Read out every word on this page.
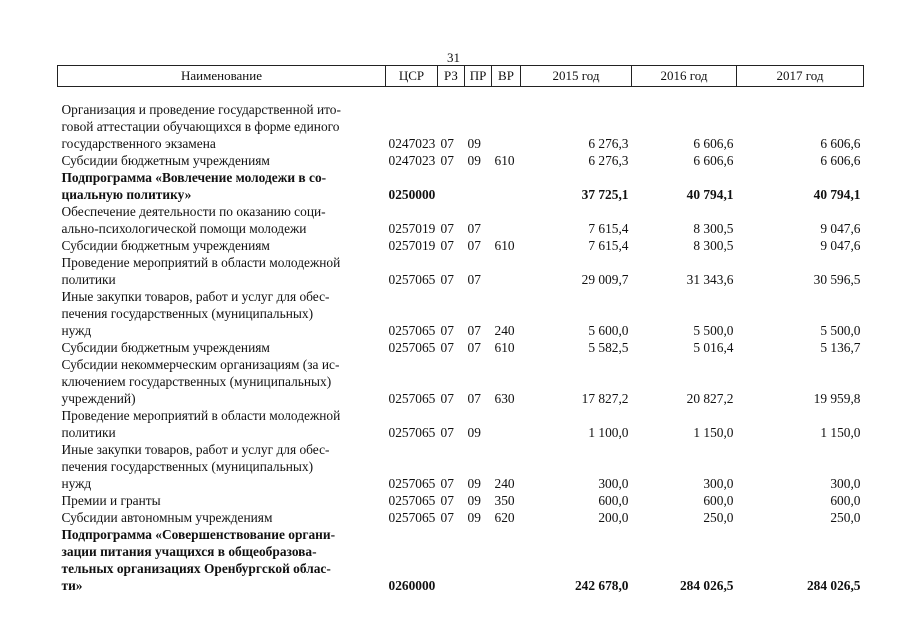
31
Наименование	ЦСР	РЗ	ПР	ВР	2015 год	2016 год	2017 год

Организация и проведение государственной ито-
говой аттестации обучающихся в форме единого
государственного экзамена	0247023	07	09		6 276,3	6 606,6	6 606,6
Субсидии бюджетным учреждениям	0247023	07	09	610	6 276,3	6 606,6	6 606,6
Подпрограмма «Вовлечение молодежи в со-
циальную политику»	0250000				37 725,1	40 794,1	40 794,1
Обеспечение деятельности по оказанию соци-
ально-психологической помощи молодежи	0257019	07	07		7 615,4	8 300,5	9 047,6
Субсидии бюджетным учреждениям	0257019	07	07	610	7 615,4	8 300,5	9 047,6
Проведение мероприятий в области молодежной
политики	0257065	07	07		29 009,7	31 343,6	30 596,5
Иные закупки товаров, работ и услуг для обес-
печения государственных (муниципальных)
нужд	0257065	07	07	240	5 600,0	5 500,0	5 500,0
Субсидии бюджетным учреждениям	0257065	07	07	610	5 582,5	5 016,4	5 136,7
Субсидии некоммерческим организациям (за ис-
ключением государственных (муниципальных)
учреждений)	0257065	07	07	630	17 827,2	20 827,2	19 959,8
Проведение мероприятий в области молодежной
политики	0257065	07	09		1 100,0	1 150,0	1 150,0
Иные закупки товаров, работ и услуг для обес-
печения государственных (муниципальных)
нужд	0257065	07	09	240	300,0	300,0	300,0
Премии и гранты	0257065	07	09	350	600,0	600,0	600,0
Субсидии автономным учреждениям	0257065	07	09	620	200,0	250,0	250,0
Подпрограмма «Совершенствование органи-
зации питания учащихся в общеобразова-
тельных организациях Оренбургской облас-
ти»	0260000				242 678,0	284 026,5	284 026,5
